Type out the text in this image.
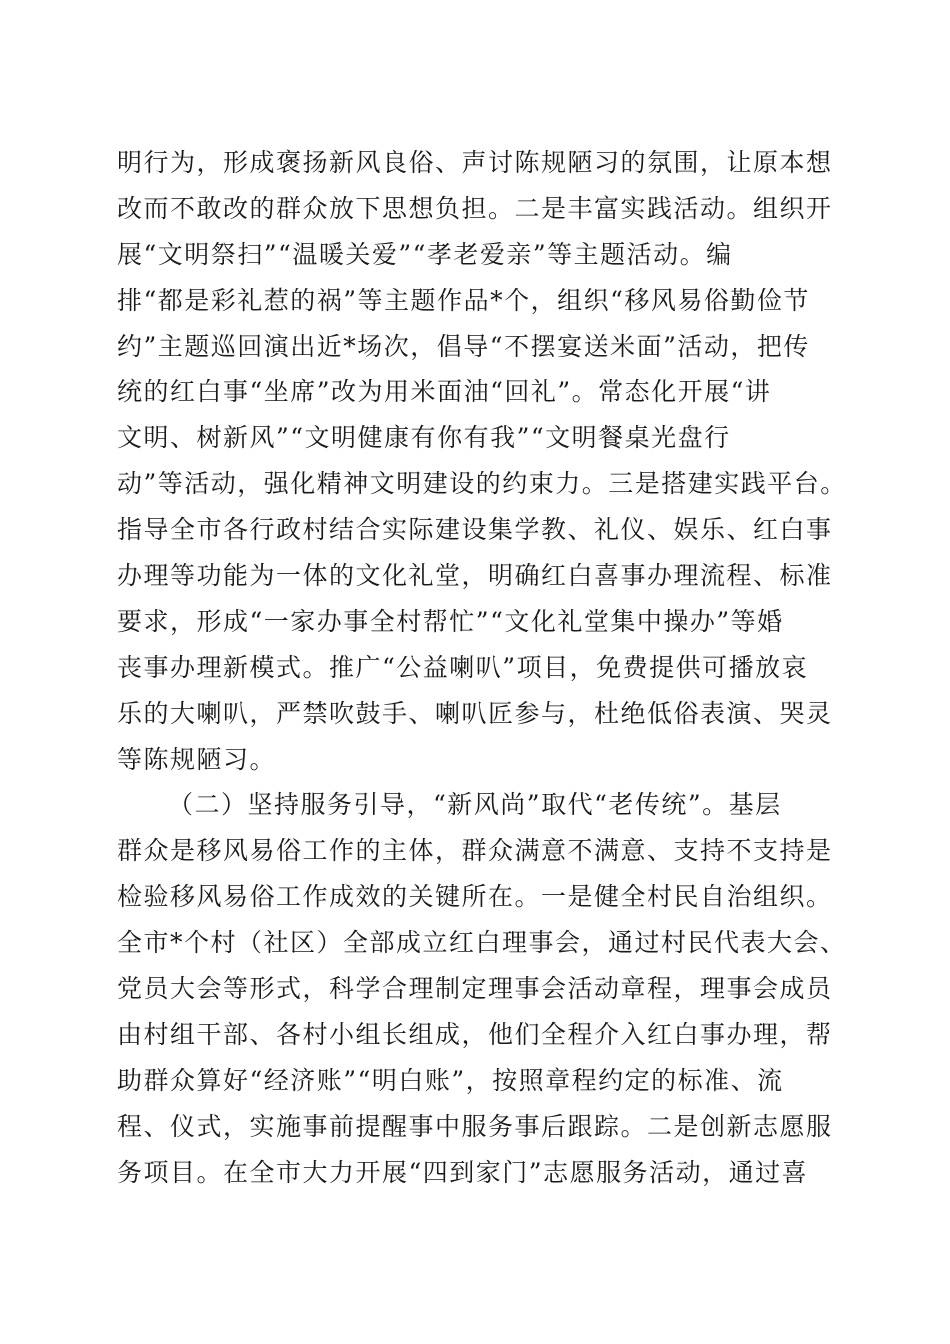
明行为，形成褒扬新风良俗、声讨陈规陋习的氛围，让原本想
改而不敢改的群众放下思想负担。二是丰富实践活动。组织开
展“文明祭扫”“温暖关爱”“孝老爱亲”等主题活动。编
排“都是彩礼惹的祸”等主题作品*个，组织“移风易俗勤俭节
约”主题巡回演出近*场次，倡导“不摆宴送米面”活动，把传
统的红白事“坐席”改为用米面油“回礼”。常态化开展“讲
文明、树新风”“文明健康有你有我”“文明餐桌光盘行
动”等活动，强化精神文明建设的约束力。三是搭建实践平台。
指导全市各行政村结合实际建设集学教、礼仪、娱乐、红白事
办理等功能为一体的文化礼堂，明确红白喜事办理流程、标准
要求，形成“一家办事全村帮忙”“文化礼堂集中操办”等婚
丧事办理新模式。推广“公益喇叭”项目，免费提供可播放哀
乐的大喇叭，严禁吹鼓手、喇叭匠参与，杜绝低俗表演、哭灵
等陈规陋习。
（二）坚持服务引导，“新风尚”取代“老传统”。基层
群众是移风易俗工作的主体，群众满意不满意、支持不支持是
检验移风易俗工作成效的关键所在。一是健全村民自治组织。
全市*个村（社区）全部成立红白理事会，通过村民代表大会、
党员大会等形式，科学合理制定理事会活动章程，理事会成员
由村组干部、各村小组长组成，他们全程介入红白事办理，帮
助群众算好“经济账”“明白账”，按照章程约定的标准、流
程、仪式，实施事前提醒事中服务事后跟踪。二是创新志愿服
务项目。在全市大力开展“四到家门”志愿服务活动，通过喜
